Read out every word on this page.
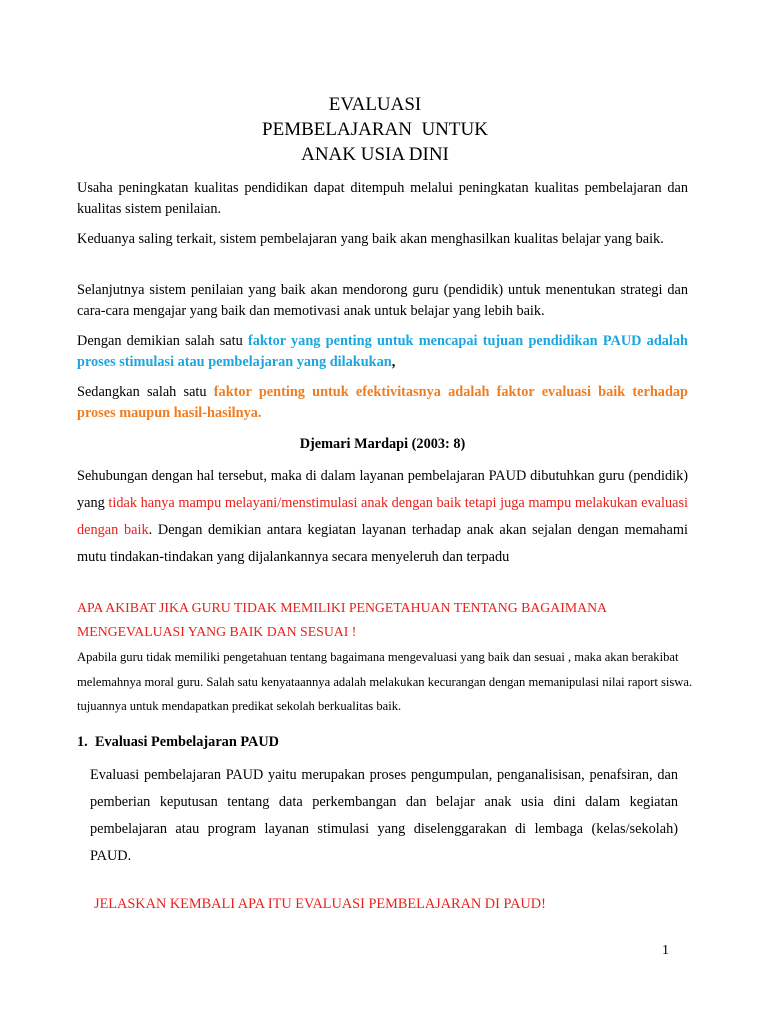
EVALUASI
PEMBELAJARAN  UNTUK
ANAK USIA DINI

Usaha peningkatan kualitas pendidikan dapat ditempuh melalui peningkatan kualitas pembelajaran dan kualitas sistem penilaian.

Keduanya saling terkait, sistem pembelajaran yang baik akan menghasilkan kualitas belajar yang baik.

Selanjutnya sistem penilaian yang baik akan mendorong guru (pendidik) untuk menentukan strategi dan cara-cara mengajar yang baik dan memotivasi anak untuk belajar yang lebih baik.

Dengan demikian salah satu faktor yang penting untuk mencapai tujuan pendidikan PAUD adalah proses stimulasi atau pembelajaran yang dilakukan,

Sedangkan salah satu faktor penting untuk efektivitasnya adalah faktor evaluasi baik terhadap proses maupun hasil-hasilnya.

Djemari Mardapi (2003: 8)

Sehubungan dengan hal tersebut, maka di dalam layanan pembelajaran PAUD dibutuhkan guru (pendidik) yang tidak hanya mampu melayani/menstimulasi anak dengan baik tetapi juga mampu melakukan evaluasi dengan baik. Dengan demikian antara kegiatan layanan terhadap anak akan sejalan dengan memahami mutu tindakan-tindakan yang dijalankannya secara menyeleruh dan terpadu

APA AKIBAT JIKA GURU TIDAK MEMILIKI PENGETAHUAN TENTANG BAGAIMANA MENGEVALUASI YANG BAIK DAN SESUAI !

Apabila guru tidak memiliki pengetahuan tentang bagaimana mengevaluasi yang baik dan sesuai , maka akan berakibat melemahnya moral guru. Salah satu kenyataannya adalah melakukan kecurangan dengan memanipulasi nilai raport siswa. tujuannya untuk mendapatkan predikat sekolah berkualitas baik.

1. Evaluasi Pembelajaran PAUD

Evaluasi pembelajaran PAUD yaitu merupakan proses pengumpulan, penganalisisan, penafsiran, dan pemberian keputusan tentang data perkembangan dan belajar anak usia dini dalam kegiatan pembelajaran atau program layanan stimulasi yang diselenggarakan di lembaga (kelas/sekolah) PAUD.

JELASKAN KEMBALI APA ITU EVALUASI PEMBELAJARAN DI PAUD!
1
